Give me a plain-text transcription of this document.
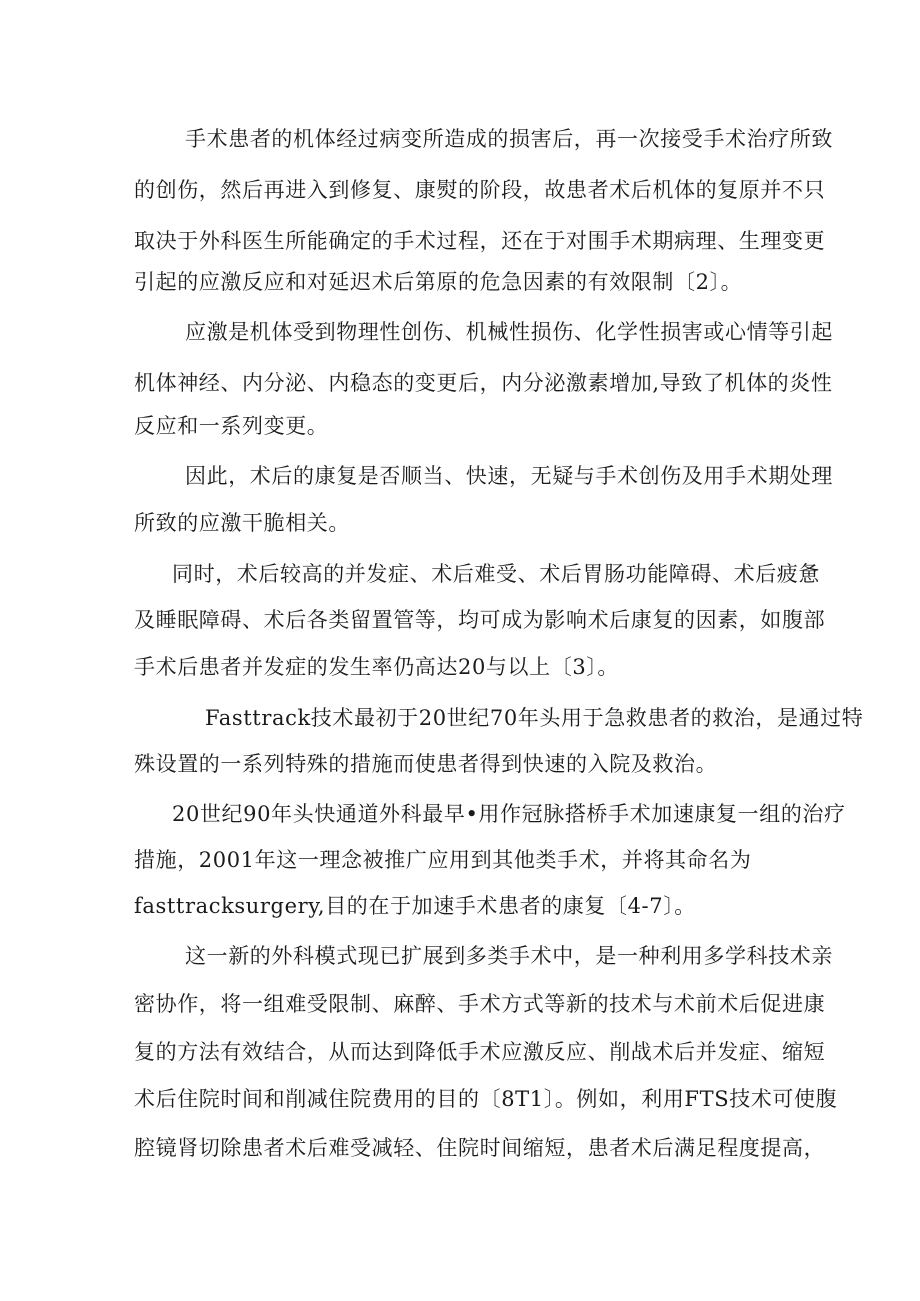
手术患者的机体经过病变所造成的损害后，再一次接受手术治疗所致

的创伤，然后再进入到修复、康熨的阶段，故患者术后机体的复原并不只

取决于外科医生所能确定的手术过程，还在于对围手术期病理、生理变更

引起的应激反应和对延迟术后第原的危急因素的有效限制〔2〕。

应激是机体受到物理性创伤、机械性损伤、化学性损害或心情等引起

机体神经、内分泌、内稳态的变更后，内分泌激素增加,导致了机体的炎性

反应和一系列变更。

因此，术后的康复是否顺当、快速，无疑与手术创伤及用手术期处理

所致的应激干脆相关。

同时，术后较高的并发症、术后难受、术后胃肠功能障碍、术后疲惫

及睡眠障碍、术后各类留置管等，均可成为影响术后康复的因素，如腹部

手术后患者并发症的发生率仍高达20与以上〔3〕。

Fasttrack技术最初于20世纪70年头用于急救患者的救治，是通过特

殊设置的一系列特殊的措施而使患者得到快速的入院及救治。

20世纪90年头快通道外科最早•用作冠脉搭桥手术加速康复一组的治疗

措施，2001年这一理念被推广应用到其他类手术，并将其命名为

fasttracksurgery,目的在于加速手术患者的康复〔4-7〕。

这一新的外科模式现已扩展到多类手术中，是一种利用多学科技术亲

密协作，将一组难受限制、麻醉、手术方式等新的技术与术前术后促进康

复的方法有效结合，从而达到降低手术应激反应、削战术后并发症、缩短

术后住院时间和削减住院费用的目的〔8T1〕。例如，利用FTS技术可使腹

腔镜肾切除患者术后难受减轻、住院时间缩短，患者术后满足程度提高，
